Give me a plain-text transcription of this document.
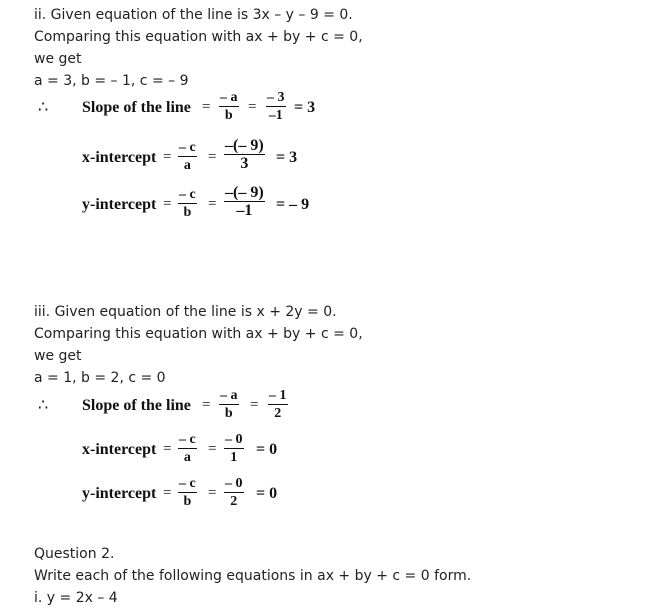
ii. Given equation of the line is 3x – y – 9 = 0.
Comparing this equation with ax + by + c = 0,
we get
a = 3, b = – 1, c = – 9
∴ Slope of the line =
– a
b
=
– 3
–1 = 3
x-intercept =
– c
a
=
–(– 9)
3	= 3
y-intercept =
– c
b
=
–(– 9)
–1	= – 9
iii. Given equation of the line is x + 2y = 0.
Comparing this equation with ax + by + c = 0,
we get
a = 1, b = 2, c = 0
∴ Slope of the line =
– a
b
=
– 1
2
x-intercept =
– c
a
=
– 0
1	= 0
y-intercept =
– c
b
=
– 0
2	= 0
Question 2.
Write each of the following equations in ax + by + c = 0 form.
i. y = 2x – 4
